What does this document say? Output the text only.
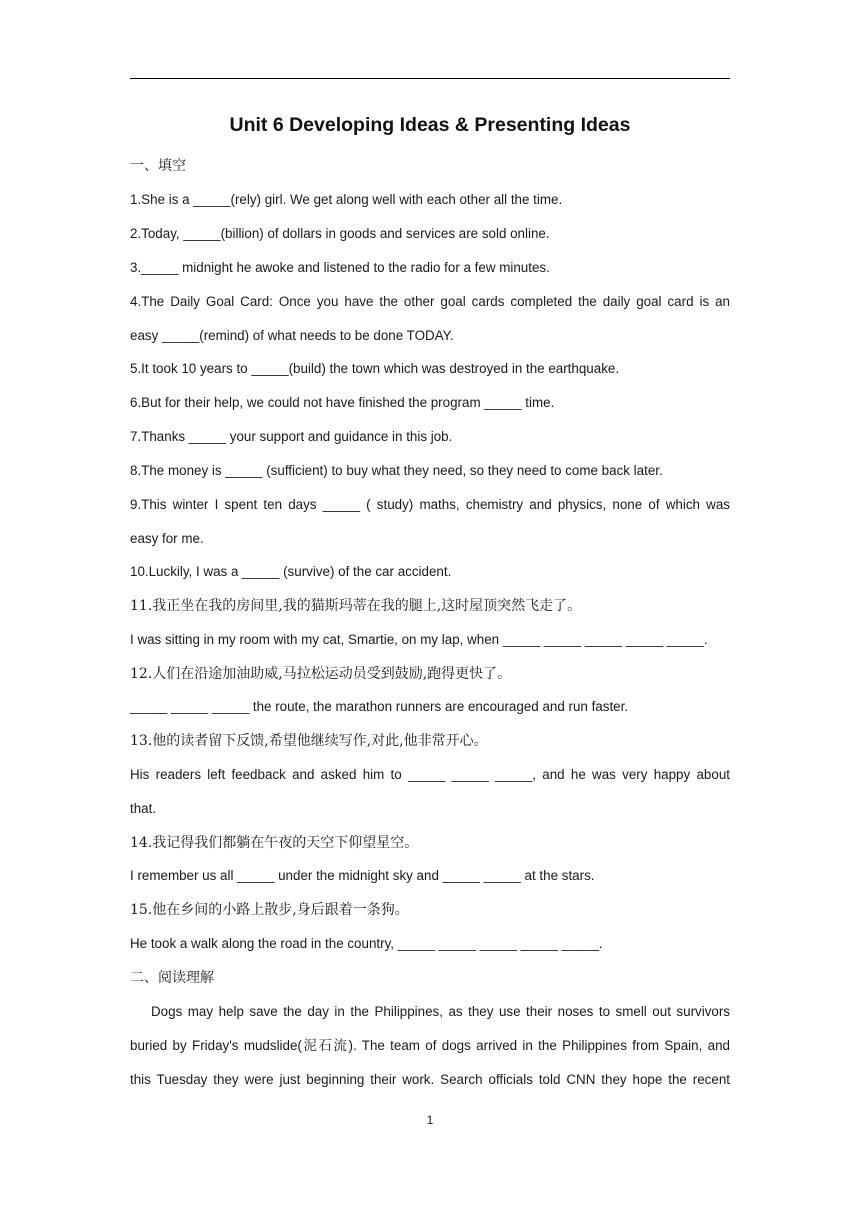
Unit 6 Developing Ideas & Presenting Ideas
一、填空
1.She is a _____(rely) girl. We get along well with each other all the time.
2.Today, _____(billion) of dollars in goods and services are sold online.
3._____ midnight he awoke and listened to the radio for a few minutes.
4.The Daily Goal Card: Once you have the other goal cards completed the daily goal card is an
easy _____(remind) of what needs to be done TODAY.
5.It took 10 years to _____(build) the town which was destroyed in the earthquake.
6.But for their help, we could not have finished the program _____ time.
7.Thanks _____ your support and guidance in this job.
8.The money is _____ (sufficient) to buy what they need, so they need to come back later.
9.This winter I spent ten days _____ ( study) maths, chemistry and physics, none of which was
easy for me.
10.Luckily, I was a _____ (survive) of the car accident.
11.我正坐在我的房间里,我的猫斯玛蒂在我的腿上,这时屋顶突然飞走了。
I was sitting in my room with my cat, Smartie, on my lap, when _____ _____ _____ _____ _____.
12.人们在沿途加油助威,马拉松运动员受到鼓励,跑得更快了。
_____ _____ _____ the route, the marathon runners are encouraged and run faster.
13.他的读者留下反馈,希望他继续写作,对此,他非常开心。
His readers left feedback and asked him to _____ _____ _____, and he was very happy about
that.
14.我记得我们都躺在午夜的天空下仰望星空。
I remember us all _____ under the midnight sky and _____ _____ at the stars.
15.他在乡间的小路上散步,身后跟着一条狗。
He took a walk along the road in the country, _____ _____ _____ _____ _____.
二、阅读理解
Dogs may help save the day in the Philippines, as they use their noses to smell out survivors
buried by Friday's mudslide(泥石流). The team of dogs arrived in the Philippines from Spain, and
this Tuesday they were just beginning their work. Search officials told CNN they hope the recent
1
